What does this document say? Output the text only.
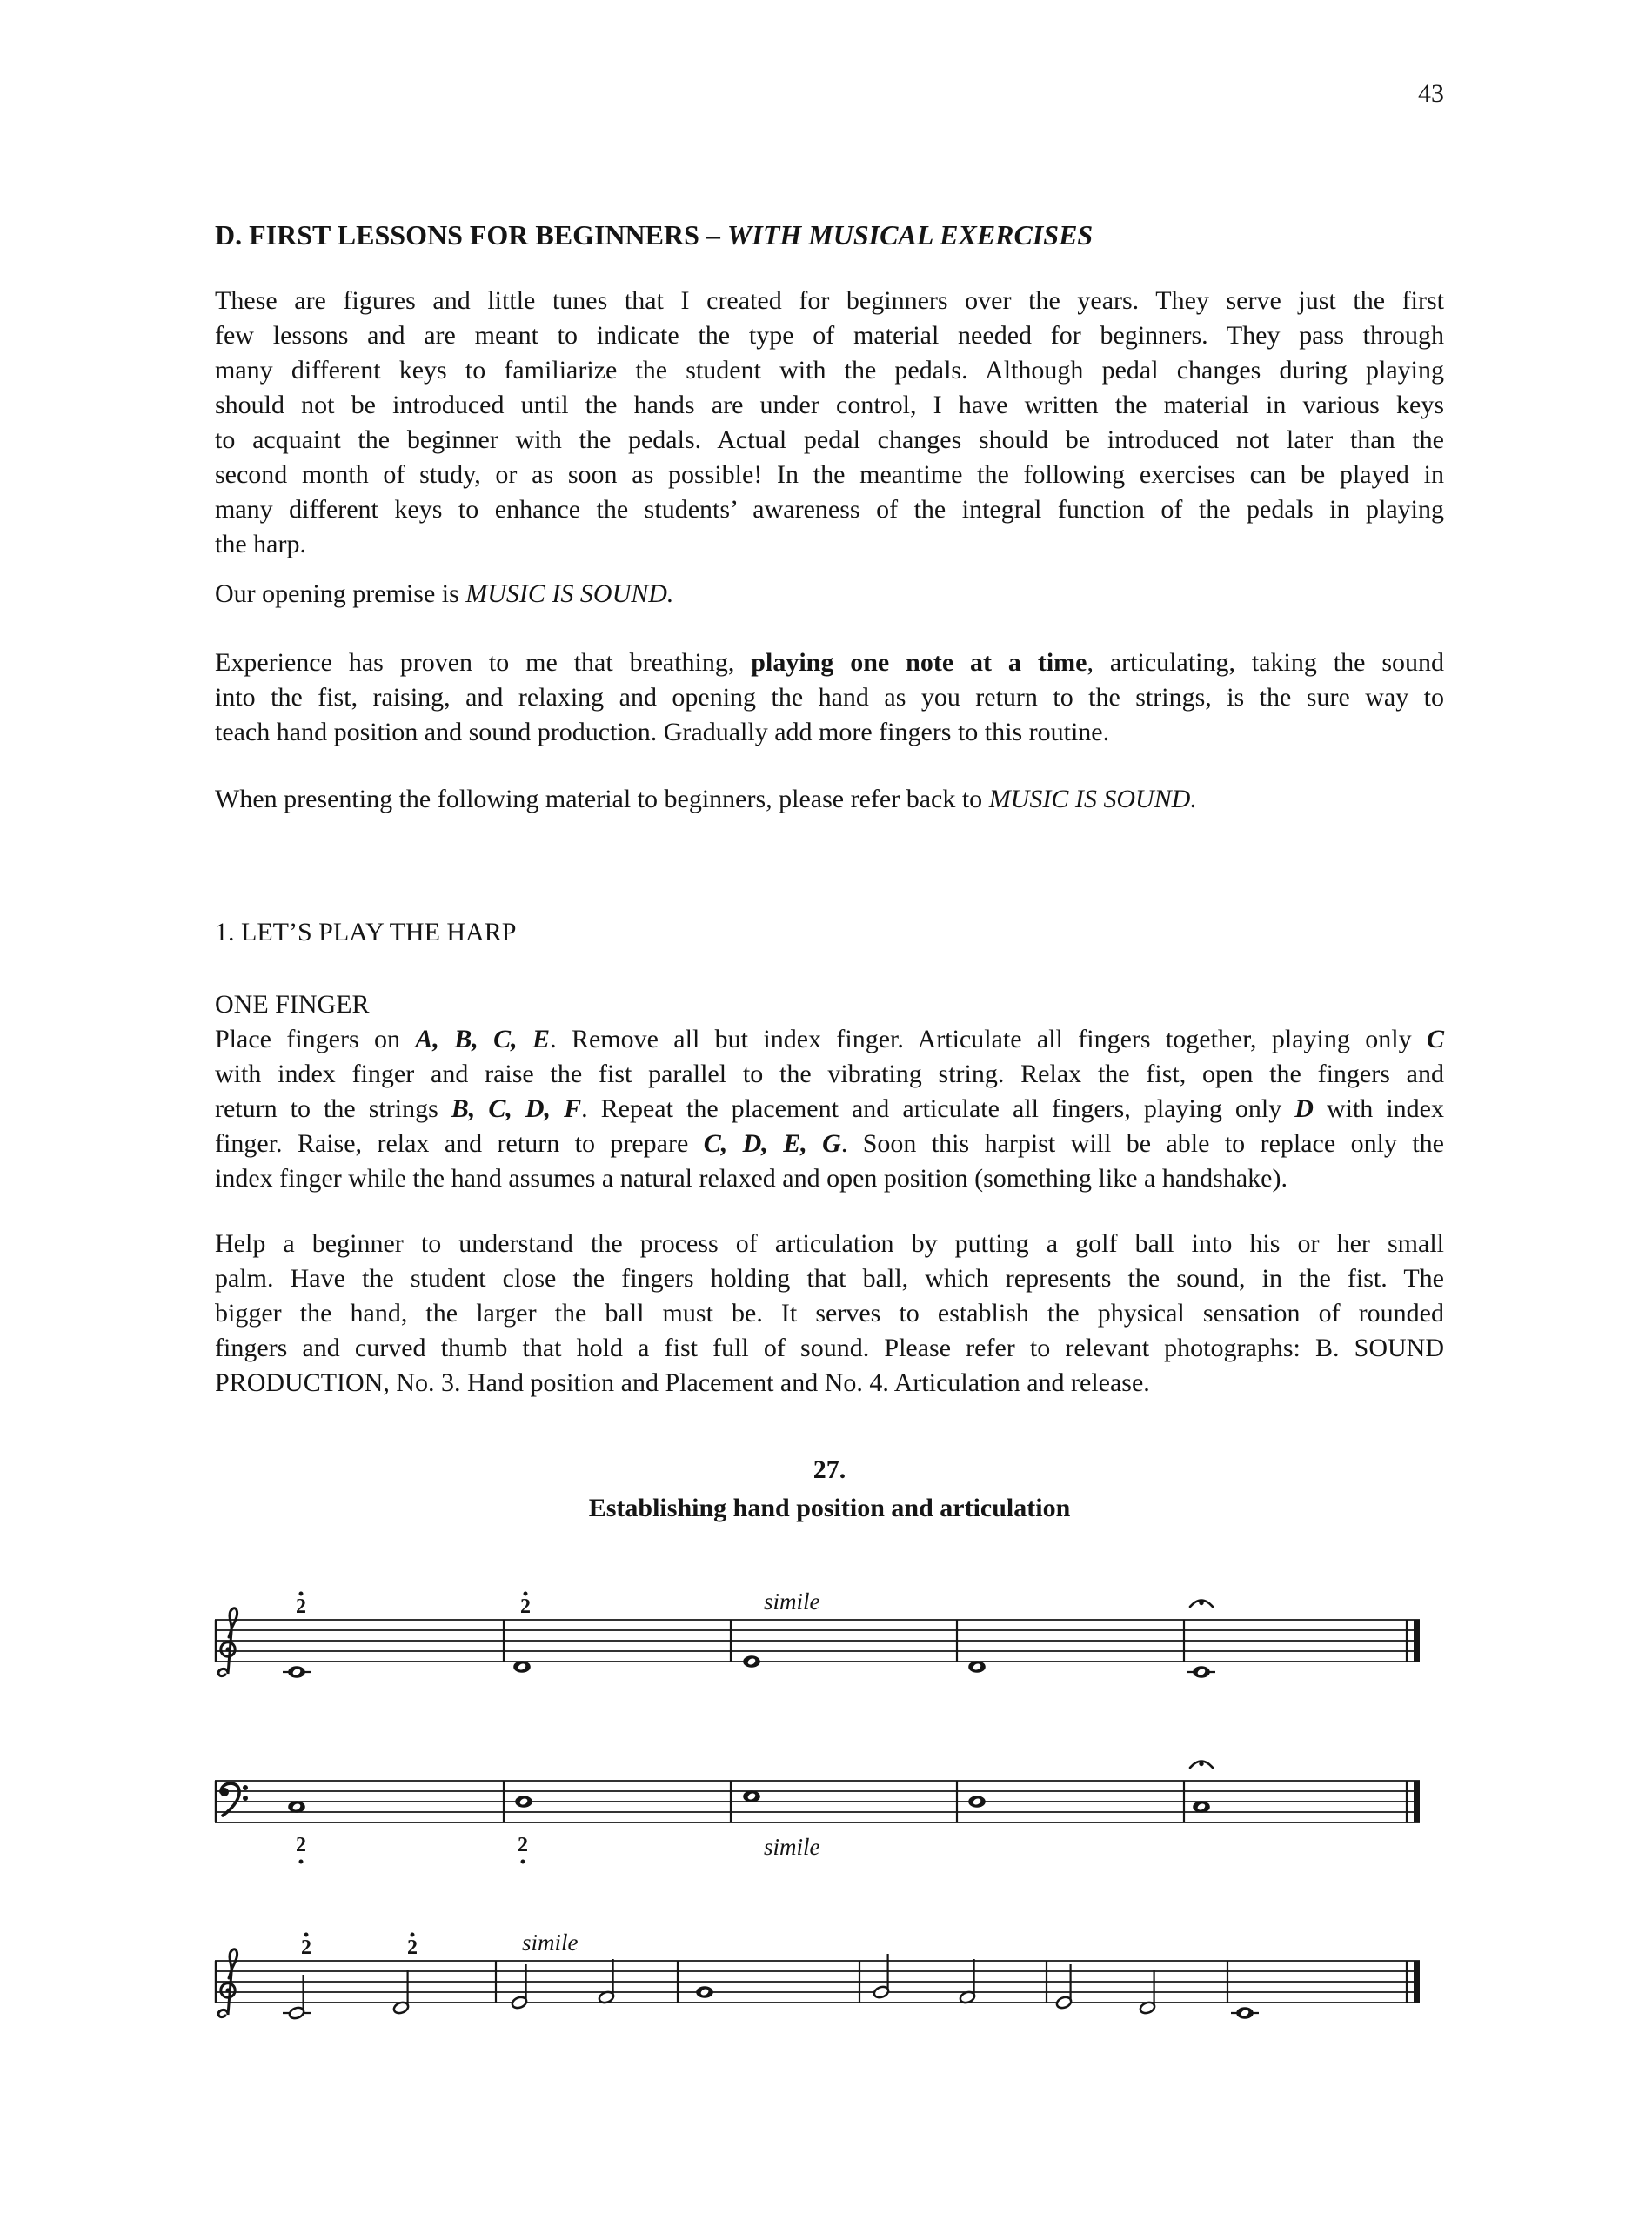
43
D. FIRST LESSONS FOR BEGINNERS – WITH MUSICAL EXERCISES
These are figures and little tunes that I created for beginners over the years. They serve just the first
few lessons and are meant to indicate the type of material needed for beginners. They pass through
many different keys to familiarize the student with the pedals. Although pedal changes during playing
should not be introduced until the hands are under control, I have written the material in various keys
to acquaint the beginner with the pedals. Actual pedal changes should be introduced not later than the
second month of study, or as soon as possible! In the meantime the following exercises can be played in
many different keys to enhance the students’ awareness of the integral function of the pedals in playing
the harp.
Our opening premise is MUSIC IS SOUND.
Experience has proven to me that breathing, playing one note at a time, articulating, taking the sound
into the fist, raising, and relaxing and opening the hand as you return to the strings, is the sure way to
teach hand position and sound production. Gradually add more fingers to this routine.
When presenting the following material to beginners, please refer back to MUSIC IS SOUND.
1. LET’S PLAY THE HARP
ONE FINGER
Place fingers on A, B, C, E. Remove all but index finger. Articulate all fingers together, playing only C
with index finger and raise the fist parallel to the vibrating string. Relax the fist, open the fingers and
return to the strings B, C, D, F. Repeat the placement and articulate all fingers, playing only D with index
finger. Raise, relax and return to prepare C, D, E, G. Soon this harpist will be able to replace only the
index finger while the hand assumes a natural relaxed and open position (something like a handshake).
Help a beginner to understand the process of articulation by putting a golf ball into his or her small
palm. Have the student close the fingers holding that ball, which represents the sound, in the fist. The
bigger the hand, the larger the ball must be. It serves to establish the physical sensation of rounded
fingers and curved thumb that hold a fist full of sound. Please refer to relevant photographs: B. SOUND
PRODUCTION, No. 3. Hand position and Placement and No. 4. Articulation and release.
27.
Establishing hand position and articulation
2	2	simile
2	2	simile
2	2	simile
